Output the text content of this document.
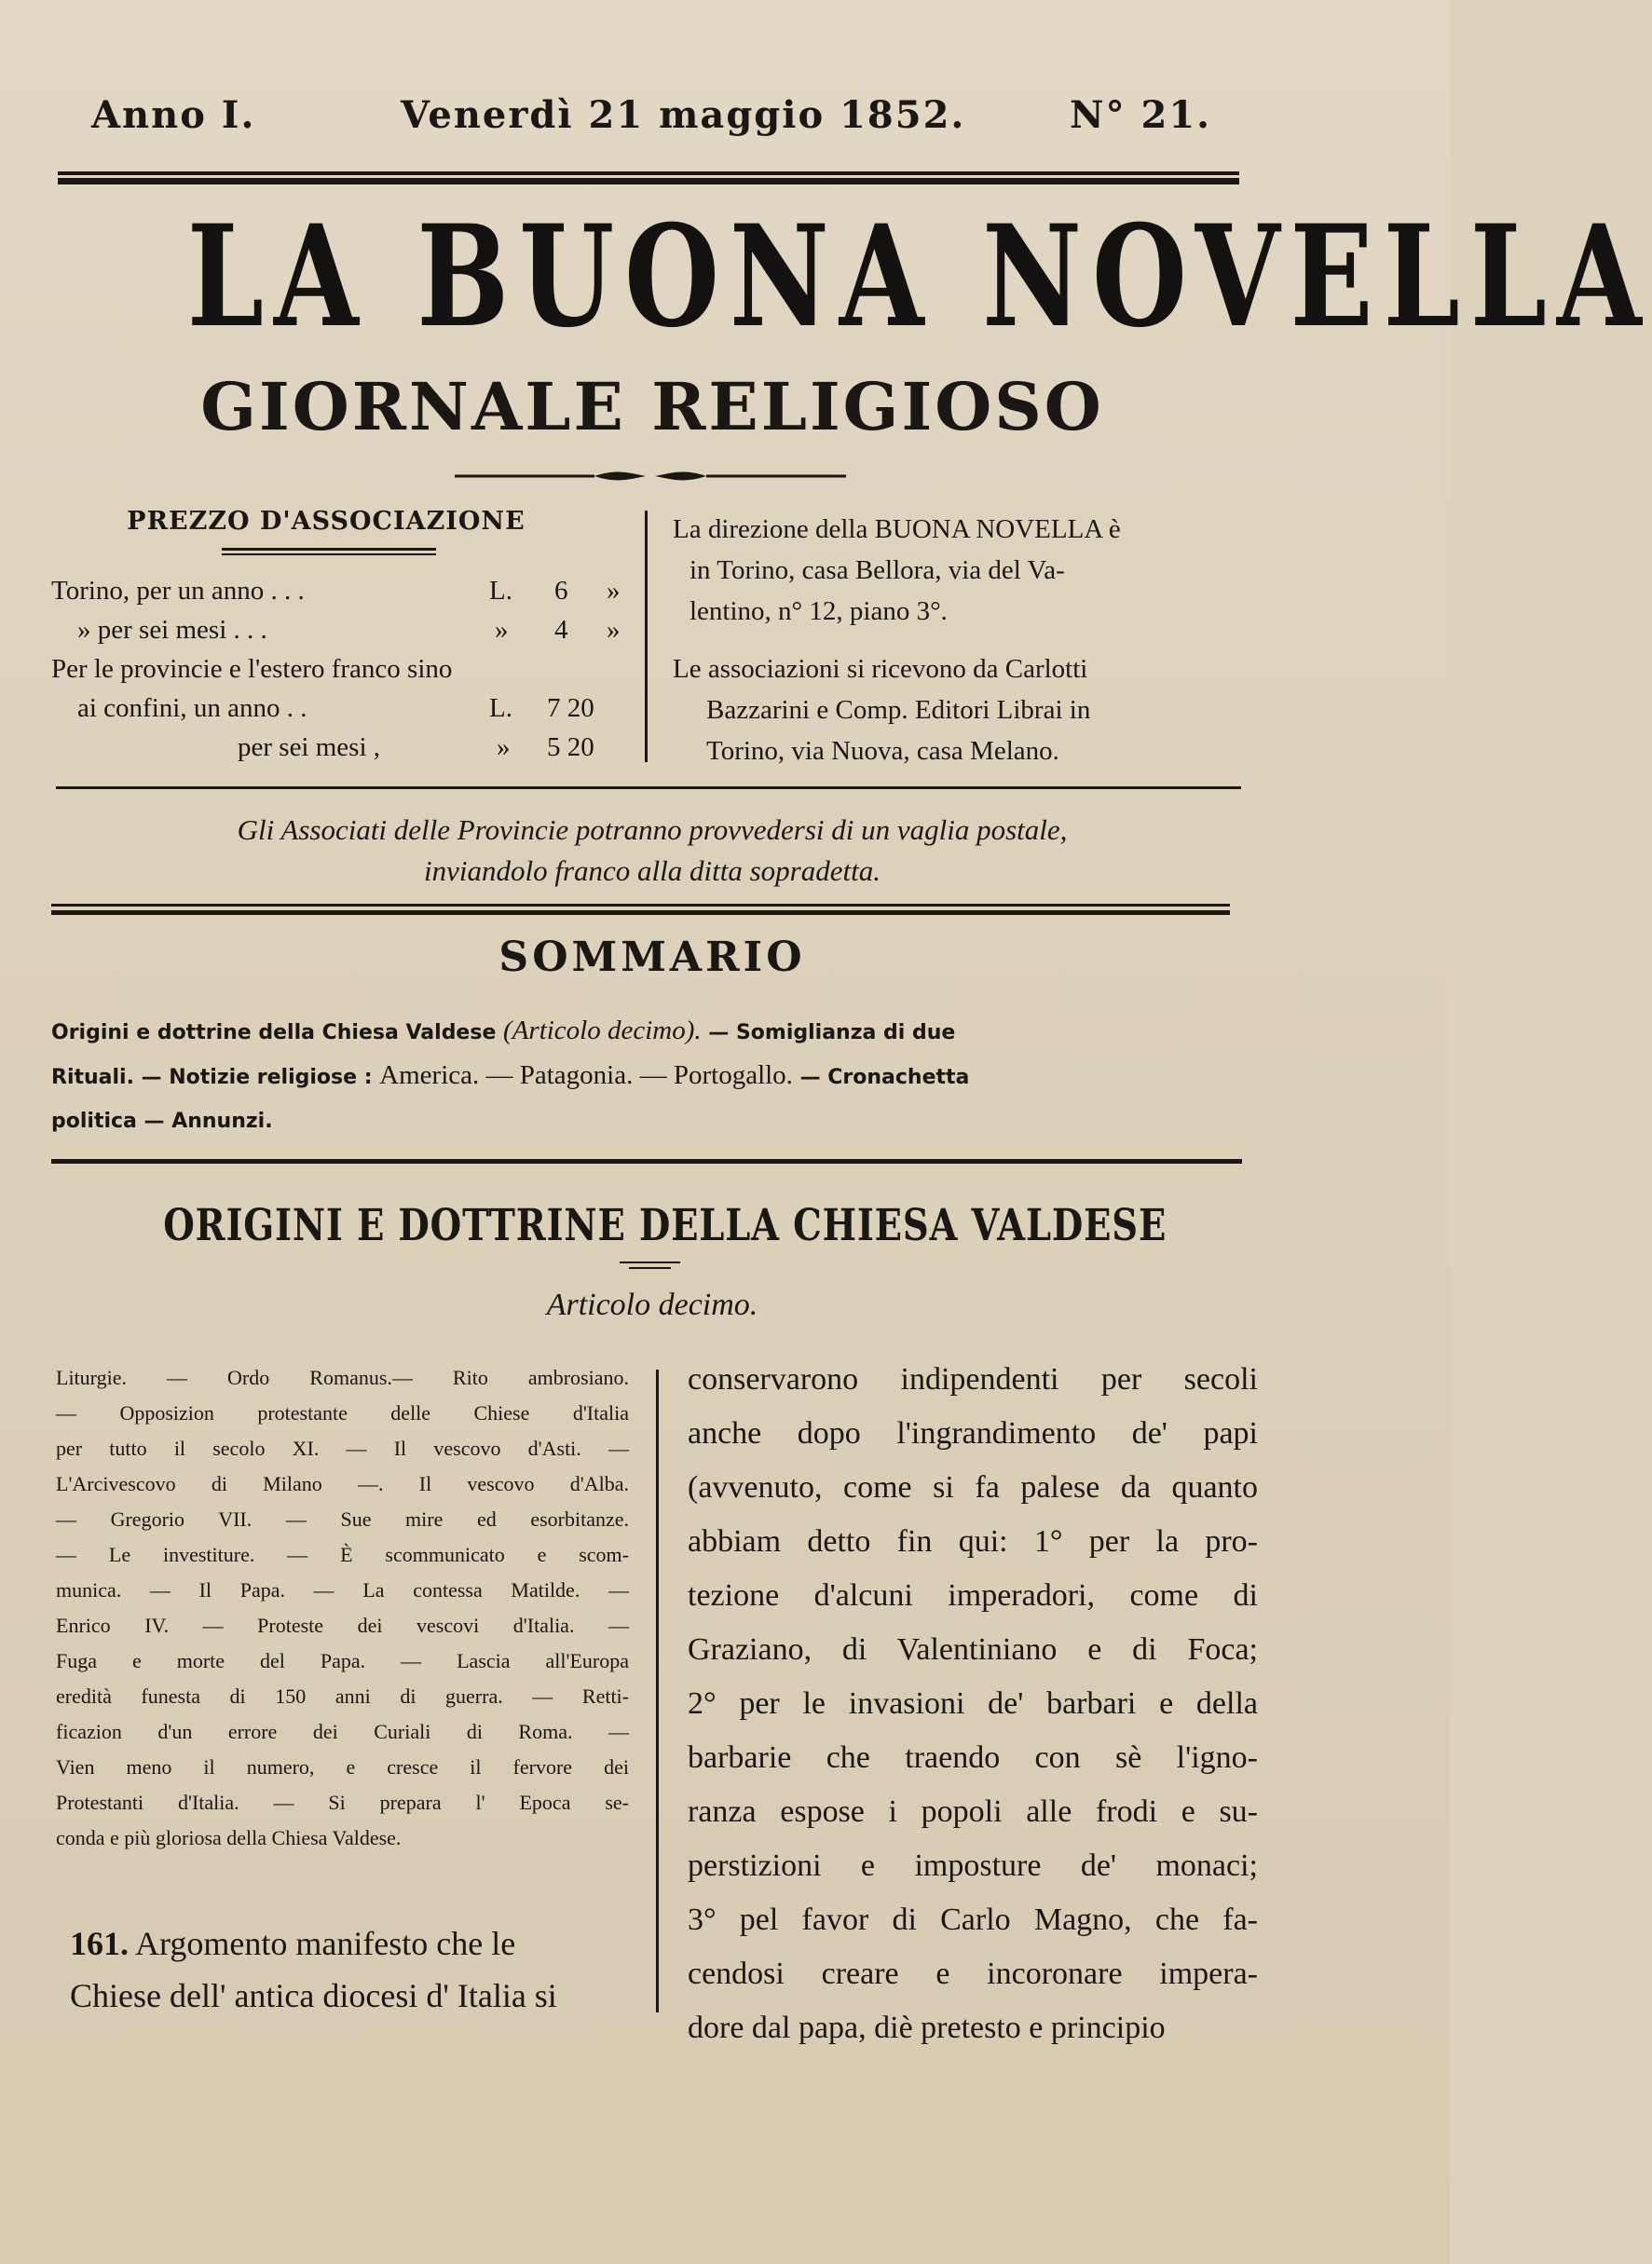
Anno I.	Venerdì 21 maggio 1852.	N° 21.
LA BUONA NOVELLA
GIORNALE RELIGIOSO
PREZZO D'ASSOCIAZIONE
Torino, per un anno . . .	L. 6 »
» per sei mesi . . .	» 4 »
Per le provincie e l'estero franco sino
ai confini, un anno . .	L. 7 20
per sei mesi ,	» 5 20
La direzione della BUONA NOVELLA è
in Torino, casa Bellora, via del Va-
lentino, n° 12, piano 3°.
Le associazioni si ricevono da Carlotti
Bazzarini e Comp. Editori Librai in
Torino, via Nuova, casa Melano.
Gli Associati delle Provincie potranno provvedersi di un vaglia postale,
inviandolo franco alla ditta sopradetta.
SOMMARIO
Origini e dottrine della Chiesa Valdese (Articolo decimo). — Somiglianza di due
Rituali. — Notizie religiose : America. — Patagonia. — Portogallo. — Cronachetta
politica — Annunzi.
ORIGINI E DOTTRINE DELLA CHIESA VALDESE
Articolo decimo.
Liturgie. — Ordo Romanus.— Rito ambrosiano.
— Opposizion protestante delle Chiese d'Italia
per tutto il secolo XI. — Il vescovo d'Asti. —
L'Arcivescovo di Milano —. Il vescovo d'Alba.
— Gregorio VII. — Sue mire ed esorbitanze.
— Le investiture. — È scommunicato e scom-
munica. — Il Papa. — La contessa Matilde. —
Enrico IV. — Proteste dei vescovi d'Italia. —
Fuga e morte del Papa. — Lascia all'Europa
eredità funesta di 150 anni di guerra. — Retti-
ficazion d'un errore dei Curiali di Roma. —
Vien meno il numero, e cresce il fervore dei
Protestanti d'Italia. — Si prepara l' Epoca se-
conda e più gloriosa della Chiesa Valdese.
161. Argomento manifesto che le
Chiese dell' antica diocesi d' Italia si
conservarono indipendenti per secoli
anche dopo l'ingrandimento de' papi
(avvenuto, come si fa palese da quanto
abbiam detto fin qui: 1° per la pro-
tezione d'alcuni imperadori, come di
Graziano, di Valentiniano e di Foca;
2° per le invasioni de' barbari e della
barbarie che traendo con sè l'igno-
ranza espose i popoli alle frodi e su-
perstizioni e imposture de' monaci;
3° pel favor di Carlo Magno, che fa-
cendosi creare e incoronare impera-
dore dal papa, diè pretesto e principio
